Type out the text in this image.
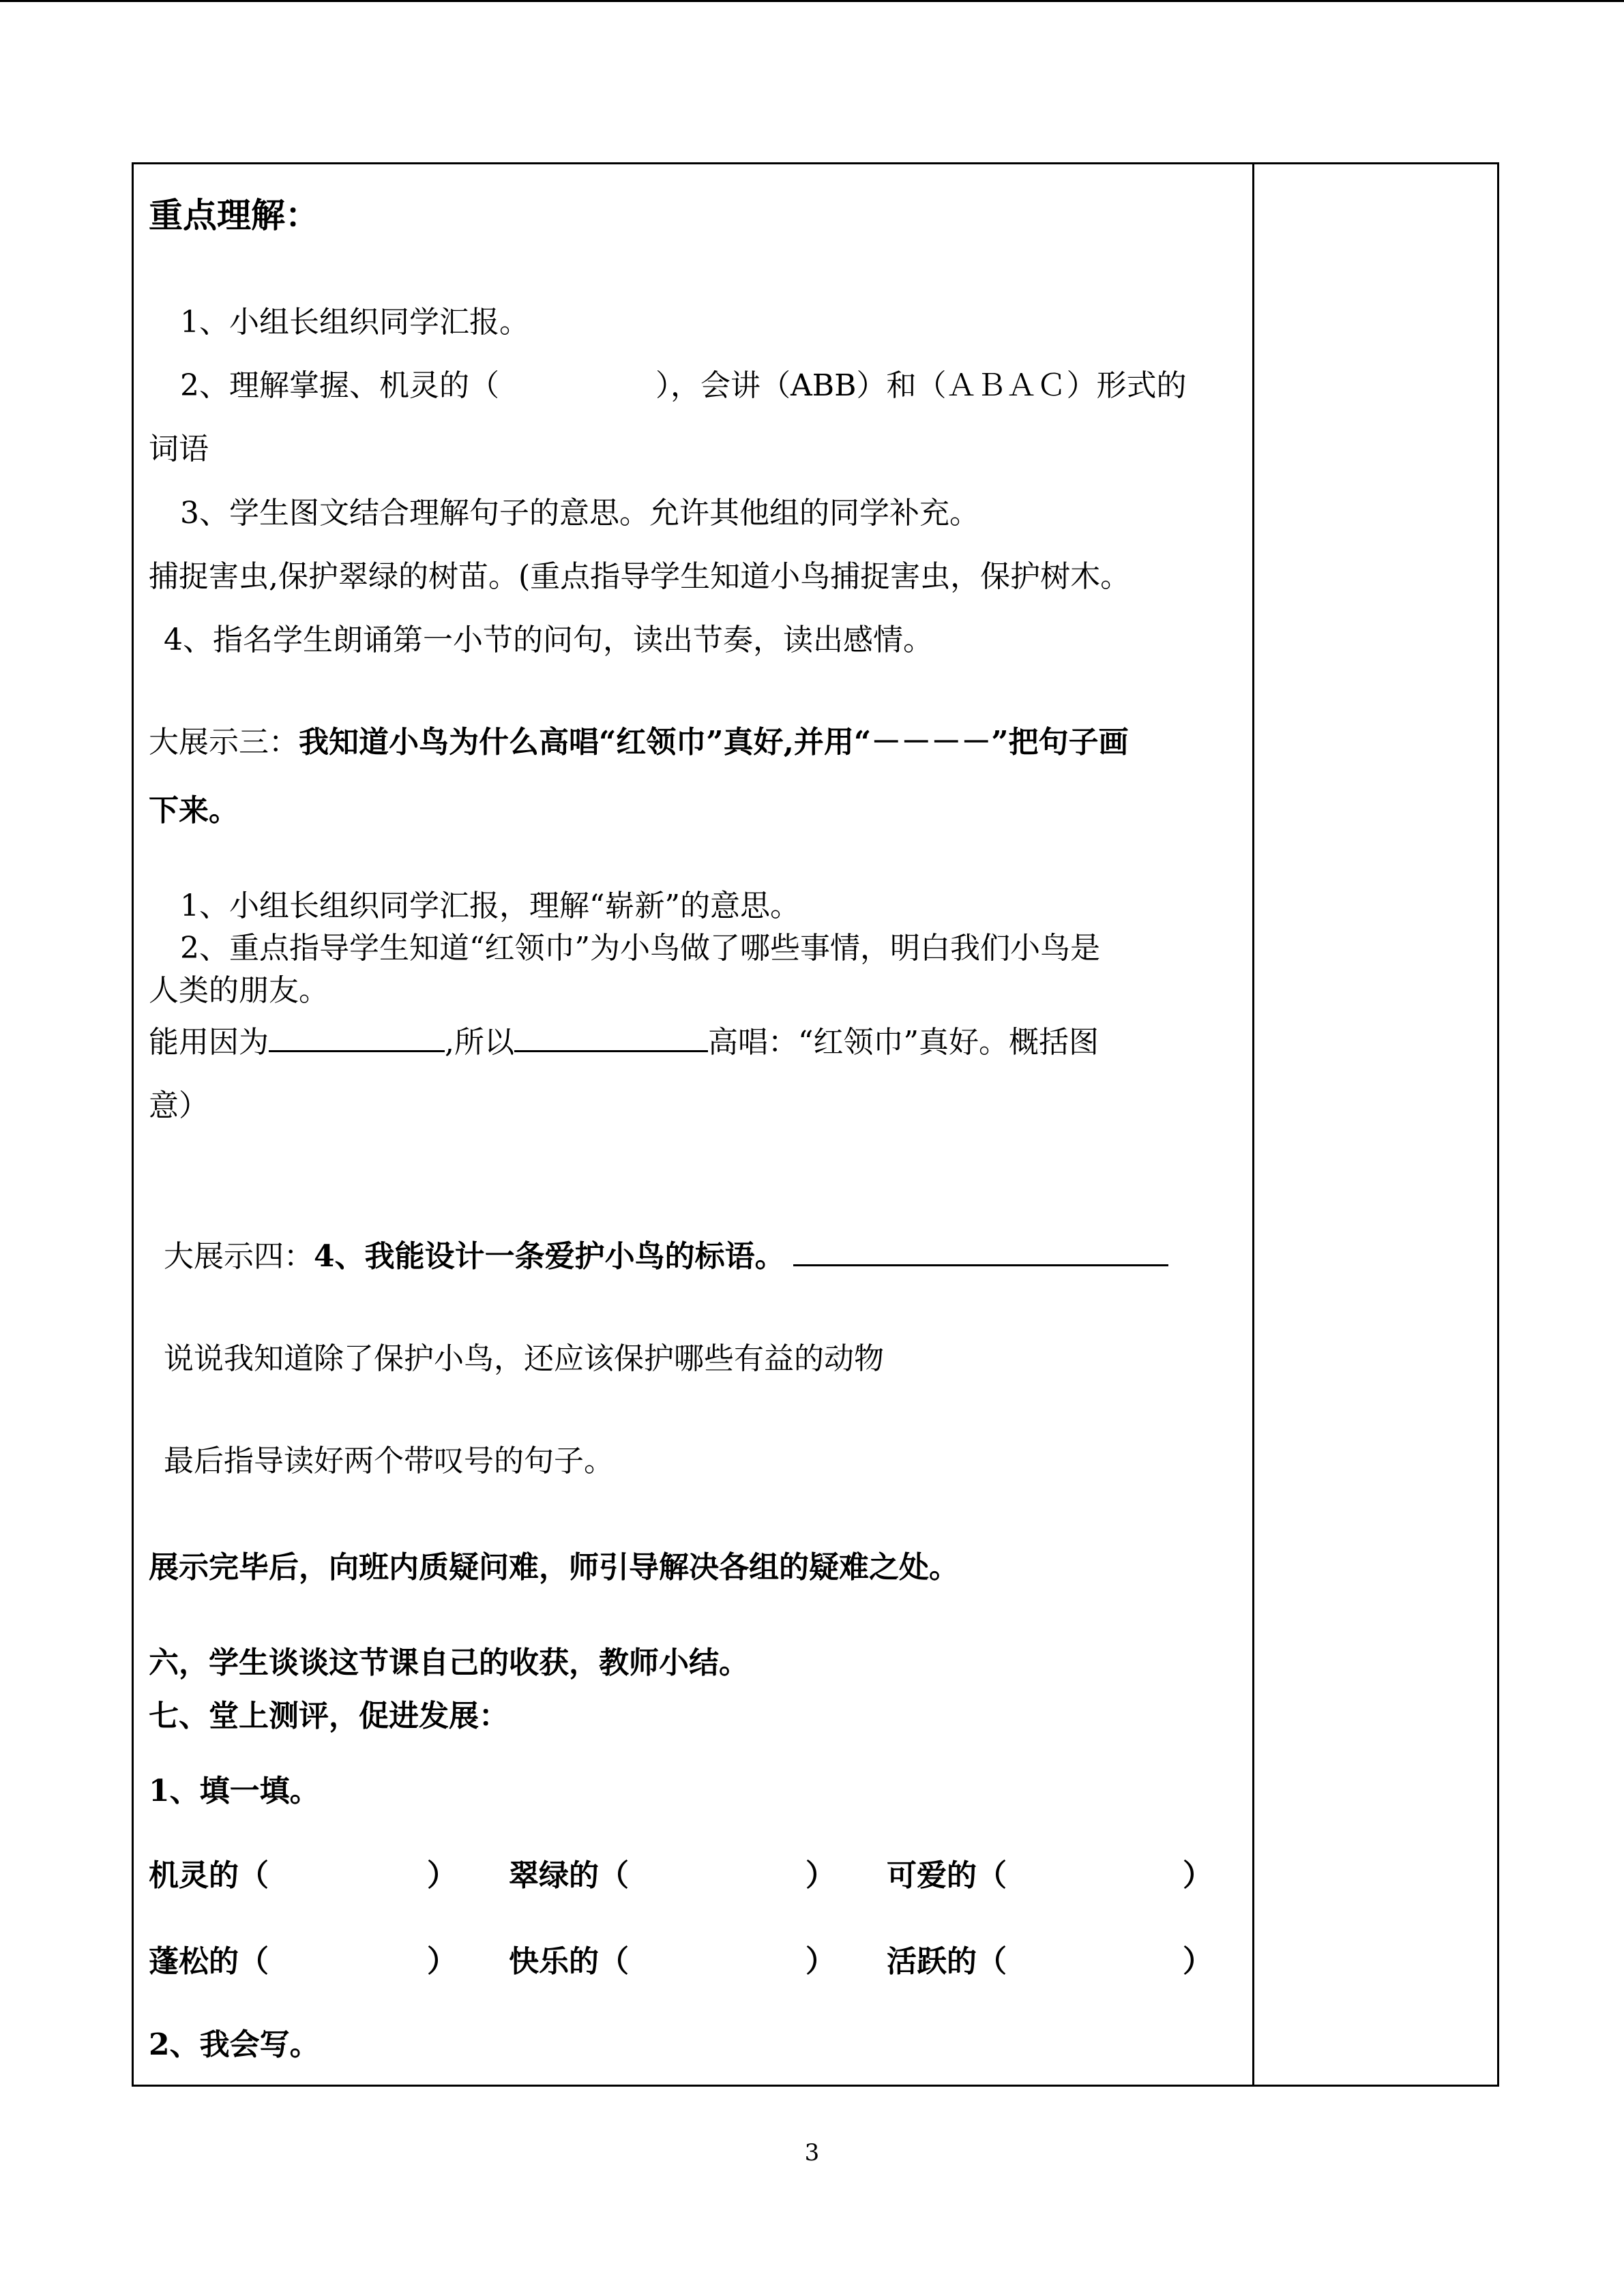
重点理解：
1、小组长组织同学汇报。
2、理解掌握、机灵的（	），会讲（ABB）和（ＡＢＡＣ）形式的
词语
3、学生图文结合理解句子的意思。允许其他组的同学补充。
捕捉害虫,保护翠绿的树苗。(重点指导学生知道小鸟捕捉害虫，保护树木。
4、指名学生朗诵第一小节的问句，读出节奏，读出感情。
大展示三：我知道小鸟为什么高唱“红领巾”真好,并用“－－－－”把句子画
下来。
1、小组长组织同学汇报，理解“崭新”的意思。
2、重点指导学生知道“红领巾”为小鸟做了哪些事情，明白我们小鸟是
人类的朋友。
能用因为	,所以	高唱：“红领巾”真好。概括图
意）
大展示四：4、我能设计一条爱护小鸟的标语。
说说我知道除了保护小鸟，还应该保护哪些有益的动物
最后指导读好两个带叹号的句子。
展示完毕后，向班内质疑问难，师引导解决各组的疑难之处。
六，学生谈谈这节课自己的收获，教师小结。
七、堂上测评，促进发展：
1、填一填。
机灵的（	） 翠绿的（	） 可爱的（	）
蓬松的（	） 快乐的（	） 活跃的（	）
2、我会写。
3
